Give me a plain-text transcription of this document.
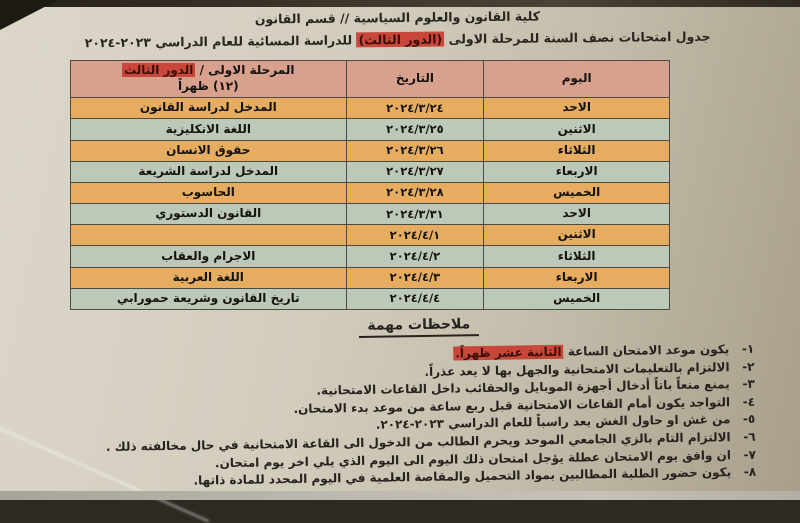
كلية القانون والعلوم السياسية // قسم القانون
جدول امتحانات نصف السنة للمرحلة الاولى (الدور الثالث) للدراسة المسائية للعام الدراسي ٢٠٢٣-٢٠٢٤
اليوم	التاريخ	المرحلة الاولى / الدور الثالث
(١٢) ظهراً

الاحد	٢٠٢٤/٣/٢٤	المدخل لدراسة القانون
الاثنين	٢٠٢٤/٣/٢٥	اللغة الانكليزية
الثلاثاء	٢٠٢٤/٣/٢٦	حقوق الانسان
الاربعاء	٢٠٢٤/٣/٢٧	المدخل لدراسة الشريعة
الخميس	٢٠٢٤/٣/٢٨	الحاسوب
الاحد	٢٠٢٤/٣/٣١	القانون الدستوري
الاثنين	٢٠٢٤/٤/١	
الثلاثاء	٢٠٢٤/٤/٢	الاجرام والعقاب
الاربعاء	٢٠٢٤/٤/٣	اللغة العربية
الخميس	٢٠٢٤/٤/٤	تاريخ القانون وشريعة حمورابي
ملاحظات مهمة
١-
يكون موعد الامتحان الساعة الثانية عشر ظهراً.
٢-
الالتزام بالتعليمات الامتحانية والجهل بها لا يعد عذراً.
٣-
يمنع منعاً باتاً أدخال أجهزة الموبايل والحقائب داخل القاعات الامتحانية.
٤-
التواجد يكون أمام القاعات الامتحانية قبل ربع ساعة من موعد بدء الامتحان.
٥-
من غش او حاول الغش يعد راسباً للعام الدراسي ٢٠٢٣-٢٠٢٤.
٦-
الالتزام التام بالزي الجامعي الموحد ويحرم الطالب من الدخول الى القاعة الامتحانية في حال مخالفته ذلك .
٧-
ان وافق يوم الامتحان عطلة يؤجل امتحان ذلك اليوم الى اليوم الذي يلي اخر يوم امتحان.
٨-
يكون حضور الطلبة المطالبين بمواد التحميل والمقاصة العلمية في اليوم المحدد للمادة ذاتها.
